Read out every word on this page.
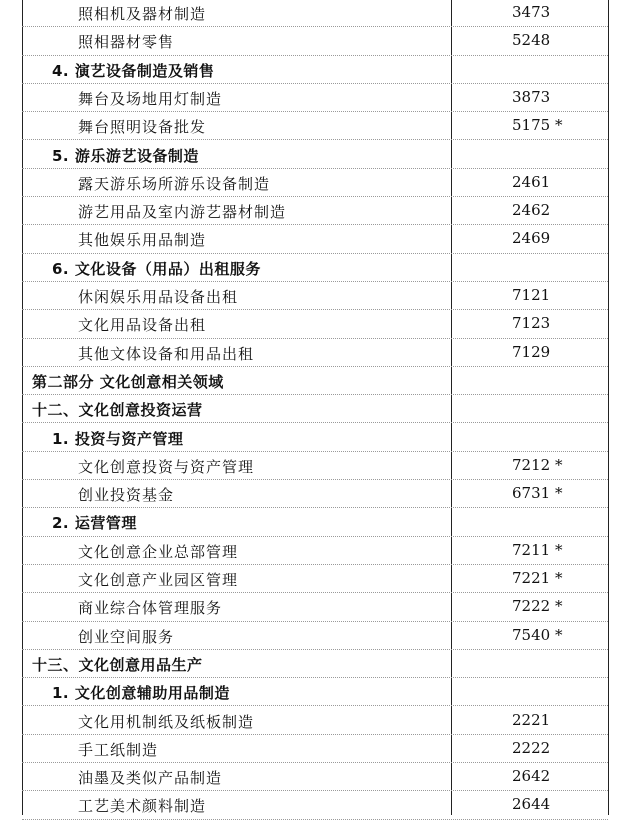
照相机及器材制造	3473
照相器材零售	5248
4. 演艺设备制造及销售
舞台及场地用灯制造	3873
舞台照明设备批发	5175 *
5. 游乐游艺设备制造
露天游乐场所游乐设备制造	2461
游艺用品及室内游艺器材制造	2462
其他娱乐用品制造	2469
6. 文化设备（用品）出租服务
休闲娱乐用品设备出租	7121
文化用品设备出租	7123
其他文体设备和用品出租	7129
第二部分 文化创意相关领域
十二、文化创意投资运营
1. 投资与资产管理
文化创意投资与资产管理	7212 *
创业投资基金	6731 *
2. 运营管理
文化创意企业总部管理	7211 *
文化创意产业园区管理	7221 *
商业综合体管理服务	7222 *
创业空间服务	7540 *
十三、文化创意用品生产
1. 文化创意辅助用品制造
文化用机制纸及纸板制造	2221
手工纸制造	2222
油墨及类似产品制造	2642
工艺美术颜料制造	2644
